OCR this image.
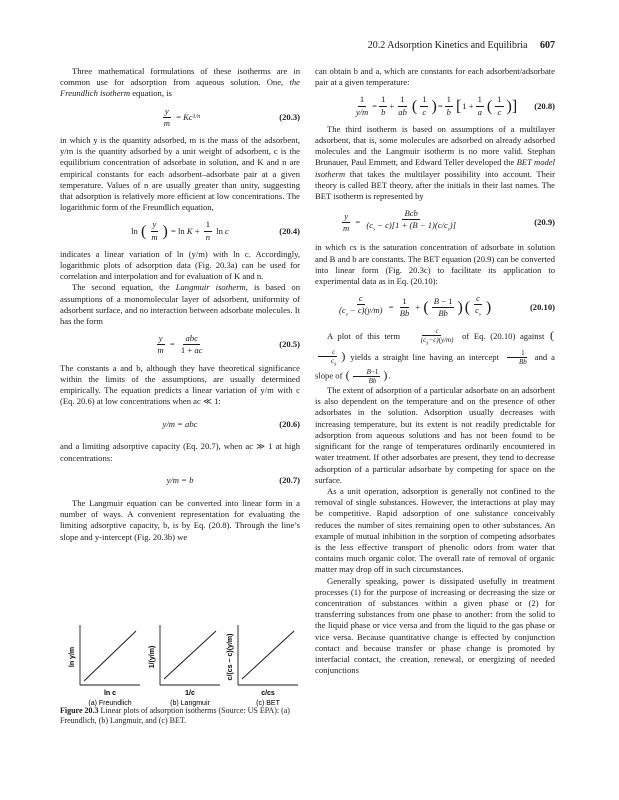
20.2 Adsorption Kinetics and Equilibria 607

Three mathematical formulations of these isotherms are in common use for adsorption from aqueous solution. One, the Freundlich isotherm equation, is

$\frac{y}{m} = Kc$ 1/n	(20.3)

in which y is the quantity adsorbed, m is the mass of the adsorbent, y/m is the quantity adsorbed by a unit weight of adsorbent, c is the equilibrium concentration of adsorbate in solution, and K and n are empirical constants for each adsorbent–adsorbate pair at a given temperature. Values of n are usually greater than unity, suggesting that adsorption is relatively more efficient at low concentrations. The logarithmic form of the Freundlich equation,

ln ( $\frac{y}{m}$ ) = $\ln K + \frac{1}{n}$ ln c	(20.4)

indicates a linear variation of ln (y/m) with ln c. Accordingly, logarithmic plots of adsorption data (Fig. 20.3a) can be used for correlation and interpolation and for evaluation of K and n.

The second equation, the Langmuir isotherm, is based on assumptions of a monomolecular layer of adsorbent, uniformity of adsorbent surface, and no interaction between adsorbate molecules. It has the form

$\frac{y}{m} = \frac{\text{abc}}{1 + ac}$	(20.5)

The constants a and b, although they have theoretical significance within the limits of the assumptions, are usually determined empirically. The equation predicts a linear variation of y/m with c (Eq. 20.6) at low concentrations when ac ≪ 1:

y/m = abc	(20.6)

and a limiting adsorptive capacity (Eq. 20.7), when ac ≫ 1 at high concentrations:

y/m = b	(20.7)

The Langmuir equation can be converted into linear form in a number of ways. A convenient representation for evaluating the limiting adsorptive capacity, b, is by Eq. (20.8). Through the line’s slope and y-intercept (Fig. 20.3b) we

ln y/m
ln c
(a) Freundlich
1/(y/m)
1/c
(b) Langmuir
c/(cs − c)(y/m)
c/cs
(c) BET
Figure 20.3 Linear plots of adsorption isotherms (Source: US EPA): (a) Freundlich, (b) Langmuir, and (c) BET.

can obtain b and a, which are constants for each adsorbent/adsorbate pair at a given temperature:

$\frac{1}{y/m} = \frac{1}{b} + \frac{1}{ab}$ ( $\frac{1}{c}$ ) = $\frac{1}{b}$ [ $1 + \frac{1}{a}$ ( $\frac{1}{c}$ )] (20.8)

The third isotherm is based on assumptions of a multilayer adsorbent, that is, some molecules are adsorbed on already adsorbed molecules and the Langmuir isotherm is no more valid. Stephan Brunauer, Paul Emmett, and Edward Teller developed the BET model isotherm that takes the multilayer possibility into account. Their theory is called BET theory, after the initials in their last names. The BET isotherm is represented by

$\frac{y}{m} = \frac{\text{Bcb}}{(c_s - c)[1 + (B - 1)(c/c_s)]}$	(20.9)

in which cs is the saturation concentration of adsorbate in solution and B and b are constants. The BET equation (20.9) can be converted into linear form (Fig. 20.3c) to facilitate its application to experimental data as in Eq. (20.10):

$\frac{c}{(c_s - c)(y/m)} = \frac{1}{Bb}$ + ( $\frac{B - 1}{Bb}$ ) ( $\frac{c}{c_s}$ )	(20.10)

A plot of this term $\frac{c}{(c_s-c)(y/m)}$ of Eq. (20.10) against (
$\frac{c}{c_s}$ ) yields a straight line having an intercept $\frac{1}{Bb}$ and a slope of ( $\frac{B-1}{Bb}$ ).

The extent of adsorption of a particular adsorbate on an adsorbent is also dependent on the temperature and on the presence of other adsorbates in the solution. Adsorption usually decreases with increasing temperature, but its extent is not readily predictable for adsorption from aqueous solutions and has not been found to be significant for the range of temperatures ordinarily encountered in water treatment. If other adsorbates are present, they tend to decrease adsorption of a particular adsorbate by competing for space on the surface.

As a unit operation, adsorption is generally not confined to the removal of single substances. However, the interactions at play may be competitive. Rapid adsorption of one substance conceivably reduces the number of sites remaining open to other substances. An example of mutual inhibition in the sorption of competing adsorbates is the less effective transport of phenolic odors from water that contains much organic color. The overall rate of removal of organic matter may drop off in such circumstances.

Generally speaking, power is dissipated usefully in treatment processes (1) for the purpose of increasing or decreasing the size or concentration of substances within a given phase or (2) for transferring substances from one phase to another: from the solid to the liquid phase or vice versa and from the liquid to the gas phase or vice versa. Because quantitative change is effected by conjunction contact and because transfer or phase change is promoted by interfacial contact, the creation, renewal, or energizing of needed conjunctions
